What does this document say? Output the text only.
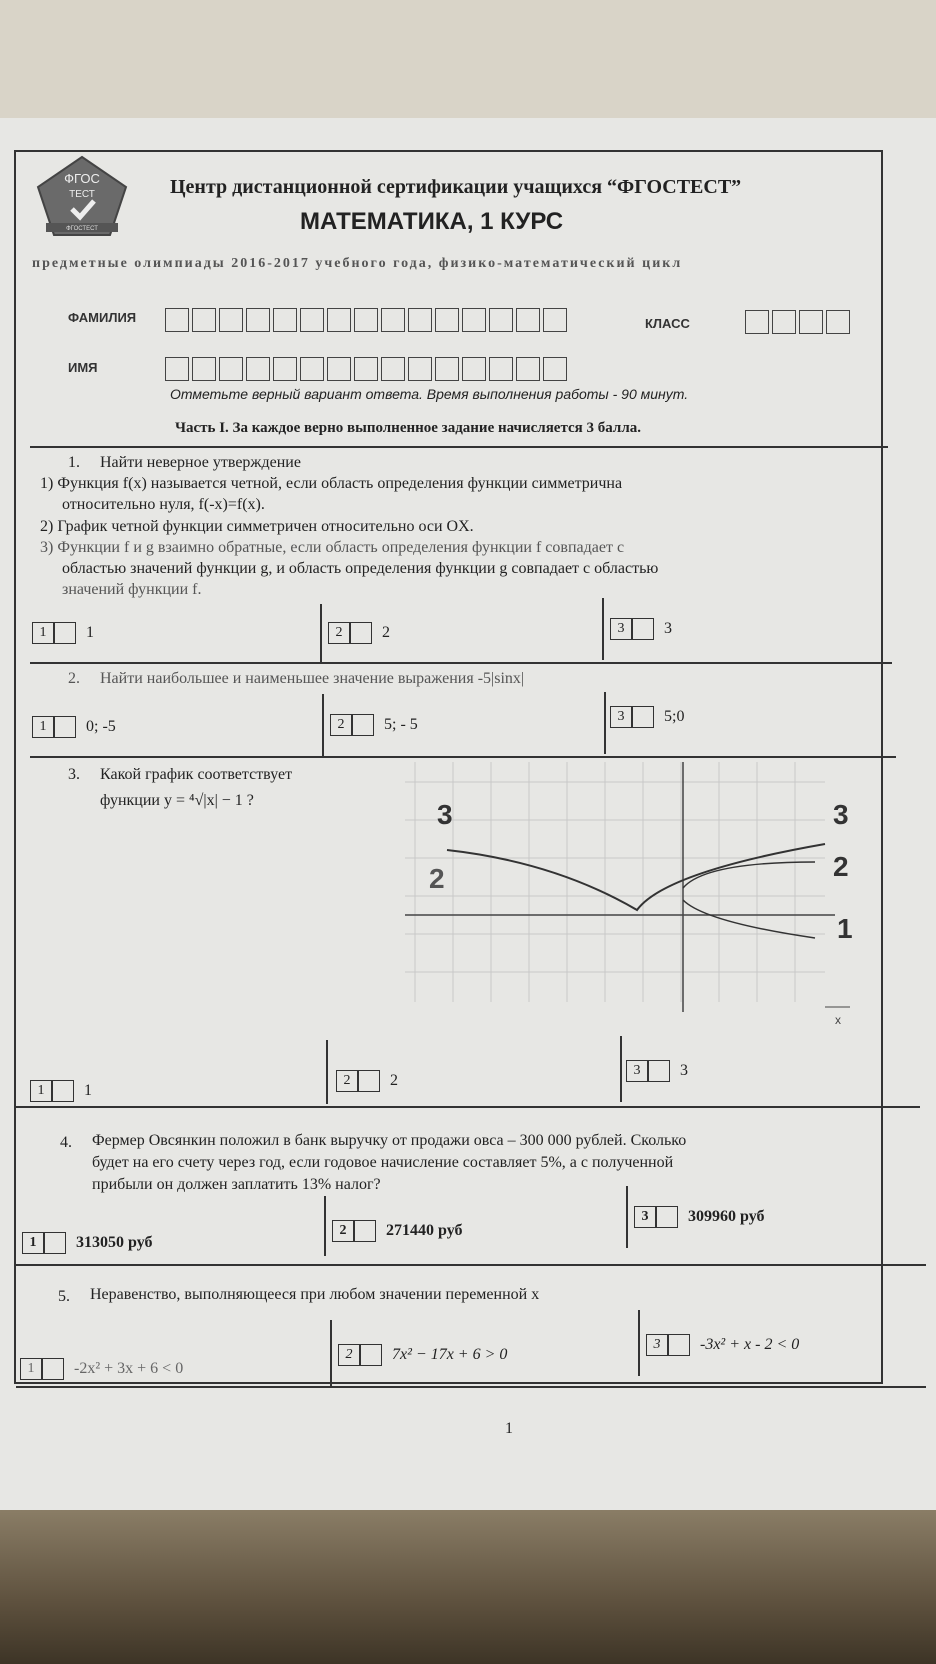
ФГОС
ТЕСТ
ФГОСТЕСТ
Центр дистанционной сертификации учащихся “ФГОСТЕСТ”
МАТЕМАТИКА, 1 КУРС
предметные олимпиады 2016-2017 учебного года, физико-математический цикл
ФАМИЛИЯ	КЛАСС
ИМЯ
Отметьте верный вариант ответа. Время выполнения работы - 90 минут.
Часть I. За каждое верно выполненное задание начисляется 3 балла.
1. Найти неверное утверждение
1) Функция f(x) называется четной, если область определения функции симметрична
относительно нуля, f(-x)=f(x).
2) График четной функции симметричен относительно оси OX.
3) Функции f и g взаимно обратные, если область определения функции f совпадает с
областью значений функции g, и область определения функции g совпадает с областью
значений функции f.
1	1	2	2	3	3
2. Найти наибольшее и наименьшее значение выражения -5|sinx|
1	0; -5	2	5; - 5	3	5;0
3. Какой график соответствует
функции y = ⁴√|x| − 1 ?	3
2
3
2
1
x
1	1
2	2
3	3
4. Фермер Овсянкин положил в банк выручку от продажи овса – 300 000 рублей. Сколько
будет на его счету через год, если годовое начисление составляет 5%, а с полученной
прибыли он должен заплатить 13% налог?
1	313050 руб
2	271440 руб
3	309960 руб
5. Неравенство, выполняющееся при любом значении переменной x
1	-2x² + 3x + 6 < 0
2	7x² − 17x + 6 > 0
3	-3x² + x - 2 < 0
1
